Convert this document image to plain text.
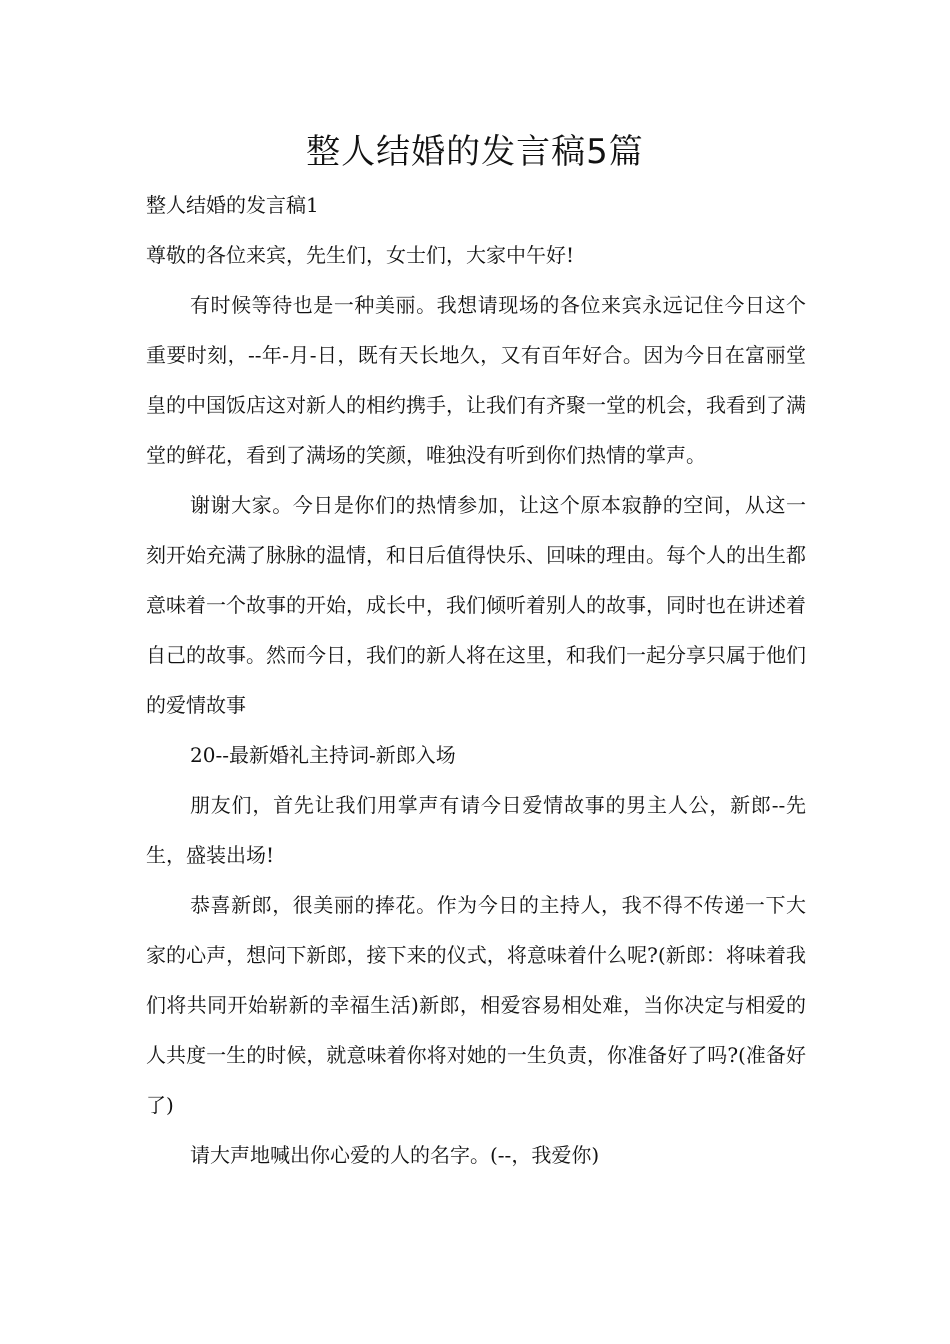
整人结婚的发言稿5篇

整人结婚的发言稿1

尊敬的各位来宾，先生们，女士们，大家中午好!

有时候等待也是一种美丽。我想请现场的各位来宾永远记住今日这个重要时刻，--年-月-日，既有天长地久，又有百年好合。因为今日在富丽堂皇的中国饭店这对新人的相约携手，让我们有齐聚一堂的机会，我看到了满堂的鲜花，看到了满场的笑颜，唯独没有听到你们热情的掌声。

谢谢大家。今日是你们的热情参加，让这个原本寂静的空间，从这一刻开始充满了脉脉的温情，和日后值得快乐、回味的理由。每个人的出生都意味着一个故事的开始，成长中，我们倾听着别人的故事，同时也在讲述着自己的故事。然而今日，我们的新人将在这里，和我们一起分享只属于他们的爱情故事

20--最新婚礼主持词-新郎入场

朋友们，首先让我们用掌声有请今日爱情故事的男主人公，新郎--先生，盛装出场!

恭喜新郎，很美丽的捧花。作为今日的主持人，我不得不传递一下大家的心声，想问下新郎，接下来的仪式，将意味着什么呢?(新郎：将味着我们将共同开始崭新的幸福生活)新郎，相爱容易相处难，当你决定与相爱的人共度一生的时候，就意味着你将对她的一生负责，你准备好了吗?(准备好了)

请大声地喊出你心爱的人的名字。(--，我爱你)
